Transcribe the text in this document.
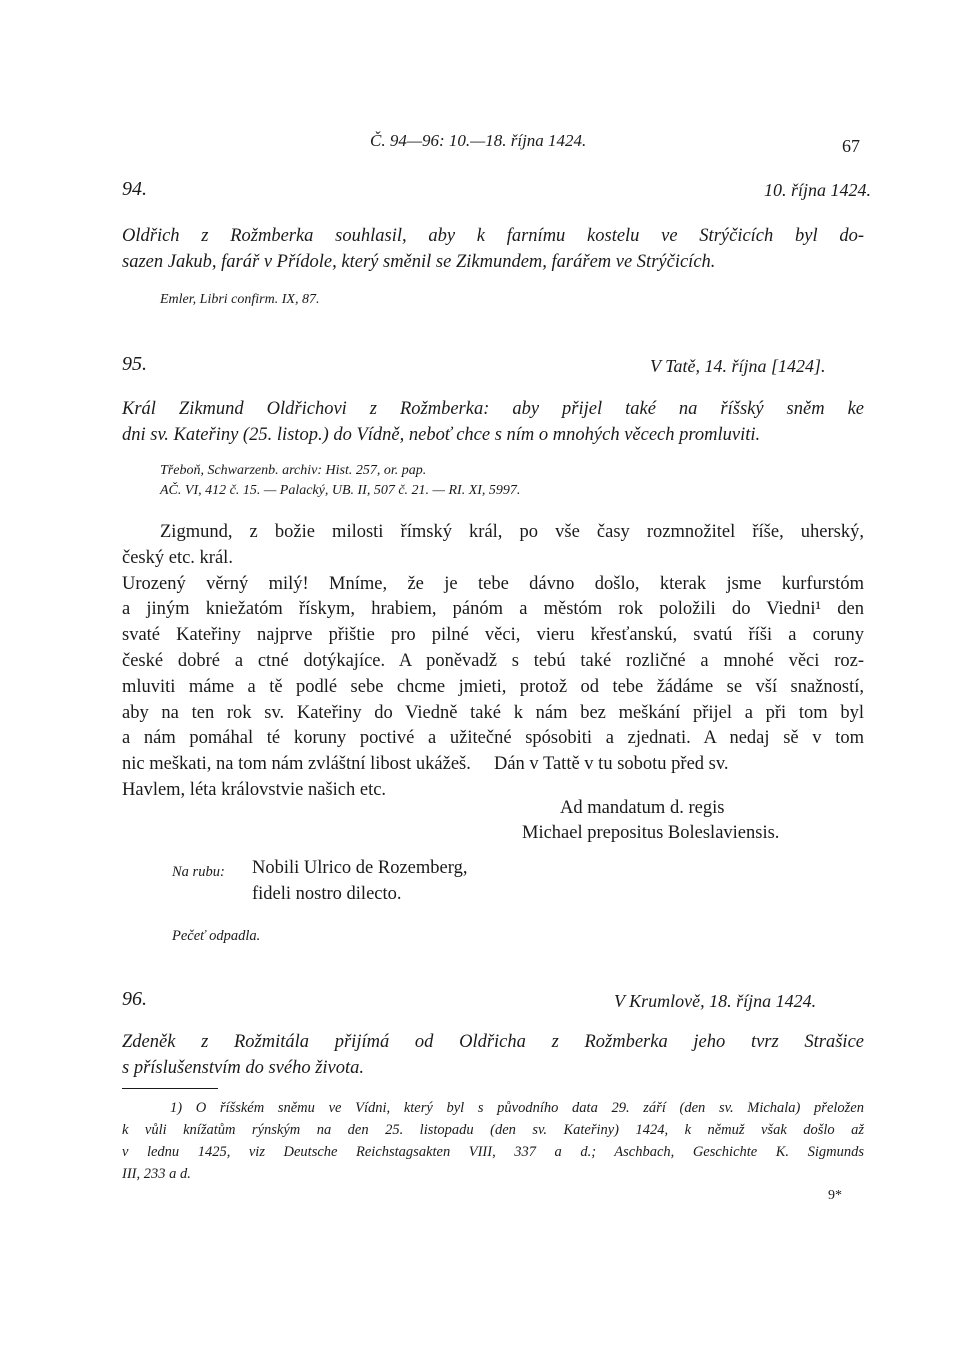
Č. 94—96: 10.—18. října 1424.	67
94.	10. října 1424.
Oldřich z Rožmberka souhlasil, aby k farnímu kostelu ve Strýčicích byl do-
sazen Jakub, farář v Přídole, který směnil se Zikmundem, farářem ve Strýčicích.
Emler, Libri confirm. IX, 87.
95.	V Tatě, 14. října [1424].
Král Zikmund Oldřichovi z Rožmberka: aby přijel také na říšský sněm ke
dni sv. Kateřiny (25. listop.) do Vídně, neboť chce s ním o mnohých věcech promluviti.
Třeboň, Schwarzenb. archiv: Hist. 257, or. pap.
AČ. VI, 412 č. 15. — Palacký, UB. II, 507 č. 21. — RI. XI, 5997.
Zigmund, z božie milosti římský král, po vše časy rozmnožitel říše, uherský,
český etc. král.
Urozený věrný milý! Mníme, že je tebe dávno došlo, kterak jsme kurfurstóm
a jiným kniežatóm řískym, hrabiem, pánóm a městóm rok položili do Viedni¹ den
svaté Kateřiny najprve přištie pro pilné věci, vieru křesťanskú, svatú říši a coruny
české dobré a ctné dotýkajíce. A poněvadž s tebú také rozličné a mnohé věci roz-
mluviti máme a tě podlé sebe chcme jmieti, protož od tebe žádáme se vší snažností,
aby na ten rok sv. Kateřiny do Viedně také k nám bez meškání přijel a při tom byl
a nám pomáhal té koruny poctivé a užitečné spósobiti a zjednati. A nedaj sě v tom
nic meškati, na tom nám zvláštní libost ukážeš.     Dán v Tattě v tu sobotu před sv.
Havlem, léta královstvie našich etc.
Ad mandatum d. regis
Michael prepositus Boleslaviensis.
Na rubu: Nobili Ulrico de Rozemberg,
fideli nostro dilecto.
Pečeť odpadla.
96.	V Krumlově, 18. října 1424.
Zdeněk z Rožmitála přijímá od Oldřicha z Rožmberka jeho tvrz Strašice
s příslušenstvím do svého života.
1) O říšském sněmu ve Vídni, který byl s původního data 29. září (den sv. Michala) přeložen
k vůli knížatům rýnským na den 25. listopadu (den sv. Kateřiny) 1424, k němuž však došlo až
v lednu 1425, viz Deutsche Reichstagsakten VIII, 337 a d.; Aschbach, Geschichte K. Sigmunds
III, 233 a d.
9*
